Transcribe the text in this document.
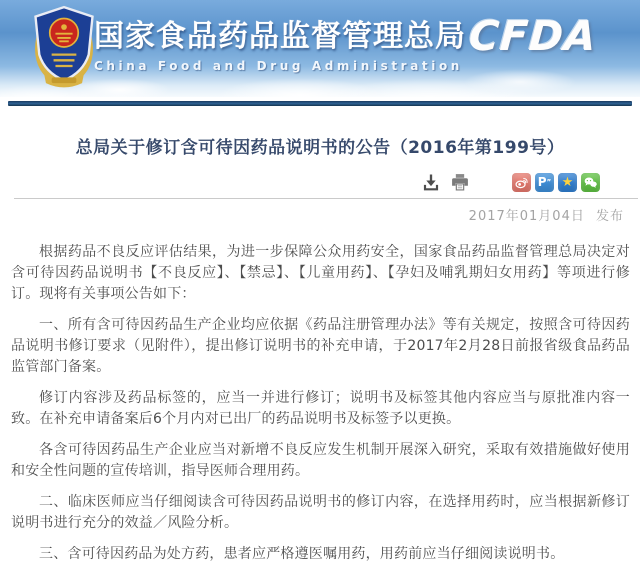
国家食品药品监督管理总局
China Food and Drug Administration
CFDA
总局关于修订含可待因药品说明书的公告（2016年第199号）
P ” ★
2017年01月04日 发布

根据药品不良反应评估结果，为进一步保障公众用药安全，国家食品药品监督管理总局决定对含可待因药品说明书【不良反应】、【禁忌】、【儿童用药】、【孕妇及哺乳期妇女用药】等项进行修订。现将有关事项公告如下：

一、所有含可待因药品生产企业均应依据《药品注册管理办法》等有关规定，按照含可待因药品说明书修订要求（见附件），提出修订说明书的补充申请，于2017年2月28日前报省级食品药品监管部门备案。

修订内容涉及药品标签的，应当一并进行修订；说明书及标签其他内容应当与原批准内容一致。在补充申请备案后6个月内对已出厂的药品说明书及标签予以更换。

各含可待因药品生产企业应当对新增不良反应发生机制开展深入研究，采取有效措施做好使用和安全性问题的宣传培训，指导医师合理用药。

二、临床医师应当仔细阅读含可待因药品说明书的修订内容，在选择用药时，应当根据新修订说明书进行充分的效益／风险分析。

三、含可待因药品为处方药，患者应严格遵医嘱用药，用药前应当仔细阅读说明书。
